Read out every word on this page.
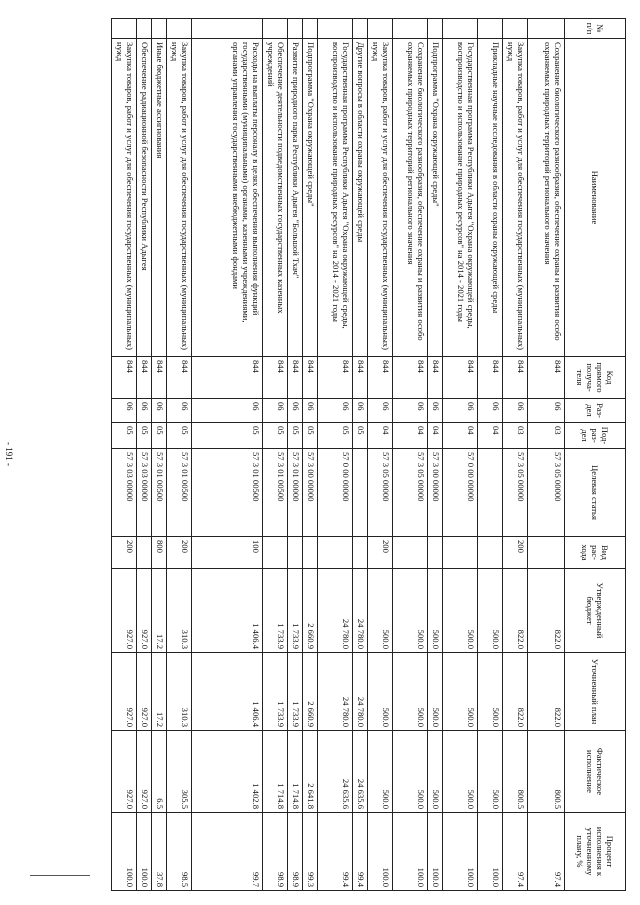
- 191 -
№ п/п	Наименование	Код прямого получа-теля	Раз-дел	Под-раз-дел	Целевая статья	Вид рас-хода	Утвержденный бюджет	Уточненный план	Фактическое исполнение	Процент исполнения к уточненному плану, %
	Сохранение биологического разнообразия, обеспечение охраны и развития особо охраняемых природных территорий регионального значения	844	06	03	57 3 05 00000		822.0	822.0	800.5	97.4
	Закупка товаров, работ и услуг для обеспечения государственных (муниципальных) нужд	844	06	03	57 3 05 00000	200	822.0	822.0	800.5	97.4
	Прикладные научные исследования в области охраны окружающей среды	844	06	04			500.0	500.0	500.0	100.0
	Государственная программа Республики Адыгея "Охрана окружающей среды, воспроизводство и использование природных ресурсов" на 2014 - 2021 годы	844	06	04	57 0 00 00000		500.0	500.0	500.0	100.0
	Подпрограмма "Охрана окружающей среды"	844	06	04	57 3 00 00000		500.0	500.0	500.0	100.0
	Сохранение биологического разнообразия, обеспечение охраны и развития особо охраняемых природных территорий регионального значения	844	06	04	57 3 05 00000		500.0	500.0	500.0	100.0
	Закупка товаров, работ и услуг для обеспечения государственных (муниципальных) нужд	844	06	04	57 3 05 00000	200	500.0	500.0	500.0	100.0
	Другие вопросы в области охраны окружающей среды	844	06	05			24 780.0	24 780.0	24 635.6	99.4
	Государственная программа Республики Адыгея "Охрана окружающей среды, воспроизводство и использование природных ресурсов" на 2014 - 2021 годы	844	06	05	57 0 00 00000		24 780.0	24 780.0	24 635.6	99.4
	Подпрограмма "Охрана окружающей среды"	844	06	05	57 3 00 00000		2 660.9	2 660.9	2 641.8	99.3
	Развитие природного парка Республики Адыгея "Большой Тхач"	844	06	05	57 3 01 00000		1 733.9	1 733.9	1 714.8	98.9
	Обеспечение деятельности подведомственных государственных казенных учреждений	844	06	05	57 3 01 00500		1 733.9	1 733.9	1 714.8	98.9
	Расходы на выплаты персоналу в целях обеспечения выполнения функций государственными (муниципальными) органами, казенными учреждениями, органами управления государственными внебюджетными фондами	844	06	05	57 3 01 00500	100	1 406.4	1 406.4	1 402.8	99.7
	Закупка товаров, работ и услуг для обеспечения государственных (муниципальных) нужд	844	06	05	57 3 01 00500	200	310.3	310.3	305.5	98.5
	Иные бюджетные ассигнования	844	06	05	57 3 01 00500	800	17.2	17.2	6.5	37.8
	Обеспечение радиационной безопасности Республики Адыгея	844	06	05	57 3 03 00000		927.0	927.0	927.0	100.0
	Закупка товаров, работ и услуг для обеспечения государственных (муниципальных) нужд	844	06	05	57 3 03 00000	200	927.0	927.0	927.0	100.0
